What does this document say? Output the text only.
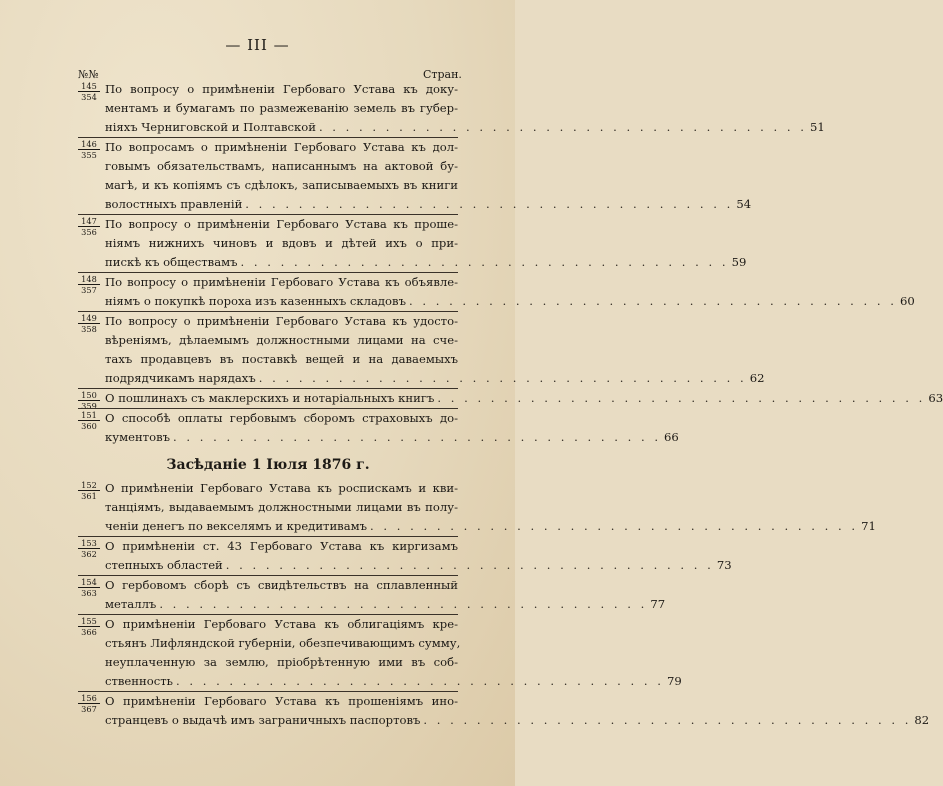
— III —
№№	Стран.
145
354
По вопросу о примѣненіи Гербоваго Устава къ доку-
ментамъ и бумагамъ по размежеванію земель въ губер-
ніяхъ Черниговской и Полтавской . . . . . . . . . . . . . . . . . . . . . . . . . . . . . . . . . . . . . 51
146
355
По вопросамъ о примѣненіи Гербоваго Устава къ дол-
говымъ обязательствамъ, написаннымъ на актовой бу-
магѣ, и къ копіямъ съ сдѣлокъ, записываемыхъ въ книги
волостныхъ правленій . . . . . . . . . . . . . . . . . . . . . . . . . . . . . . . . . . . . . 54
147
356
По вопросу о примѣненіи Гербоваго Устава къ проше-
ніямъ нижнихъ чиновъ и вдовъ и дѣтей ихъ о при-
пискѣ къ обществамъ . . . . . . . . . . . . . . . . . . . . . . . . . . . . . . . . . . . . . 59
148
357
По вопросу о примѣненіи Гербоваго Устава къ объявле-
ніямъ о покупкѣ пороха изъ казенныхъ складовъ . . . . . . . . . . . . . . . . . . . . . . . . . . . . . . . . . . . . . 60
149
358
По вопросу о примѣненіи Гербоваго Устава къ удосто-
вѣреніямъ, дѣлаемымъ должностными лицами на сче-
тахъ продавцевъ въ поставкѣ вещей и на даваемыхъ
подрядчикамъ нарядахъ . . . . . . . . . . . . . . . . . . . . . . . . . . . . . . . . . . . . . 62
150
359
О пошлинахъ съ маклерскихъ и нотаріальныхъ книгъ . . . . . . . . . . . . . . . . . . . . . . . . . . . . . . . . . . . . . 63
151
360
О способѣ оплаты гербовымъ сборомъ страховыхъ до-
кументовъ . . . . . . . . . . . . . . . . . . . . . . . . . . . . . . . . . . . . . 66
Засѣданіе 1 Іюля 1876 г.
152
361
О примѣненіи Гербоваго Устава къ роспискамъ и кви-
танціямъ, выдаваемымъ должностными лицами въ полу-
ченіи денегъ по векселямъ и кредитивамъ . . . . . . . . . . . . . . . . . . . . . . . . . . . . . . . . . . . . . 71
153
362
О примѣненіи ст. 43 Гербоваго Устава къ киргизамъ
степныхъ областей . . . . . . . . . . . . . . . . . . . . . . . . . . . . . . . . . . . . . 73
154
363
О гербовомъ сборѣ съ свидѣтельствъ на сплавленный
металлъ . . . . . . . . . . . . . . . . . . . . . . . . . . . . . . . . . . . . . 77
155
366
О примѣненіи Гербоваго Устава къ облигаціямъ кре-
стьянъ Лифляндской губерніи, обезпечивающимъ сумму,
неуплаченную за землю, пріобрѣтенную ими въ соб-
ственность . . . . . . . . . . . . . . . . . . . . . . . . . . . . . . . . . . . . . 79
156
367
О примѣненіи Гербоваго Устава къ прошеніямъ ино-
странцевъ о выдачѣ имъ заграничныхъ паспортовъ . . . . . . . . . . . . . . . . . . . . . . . . . . . . . . . . . . . . . 82
